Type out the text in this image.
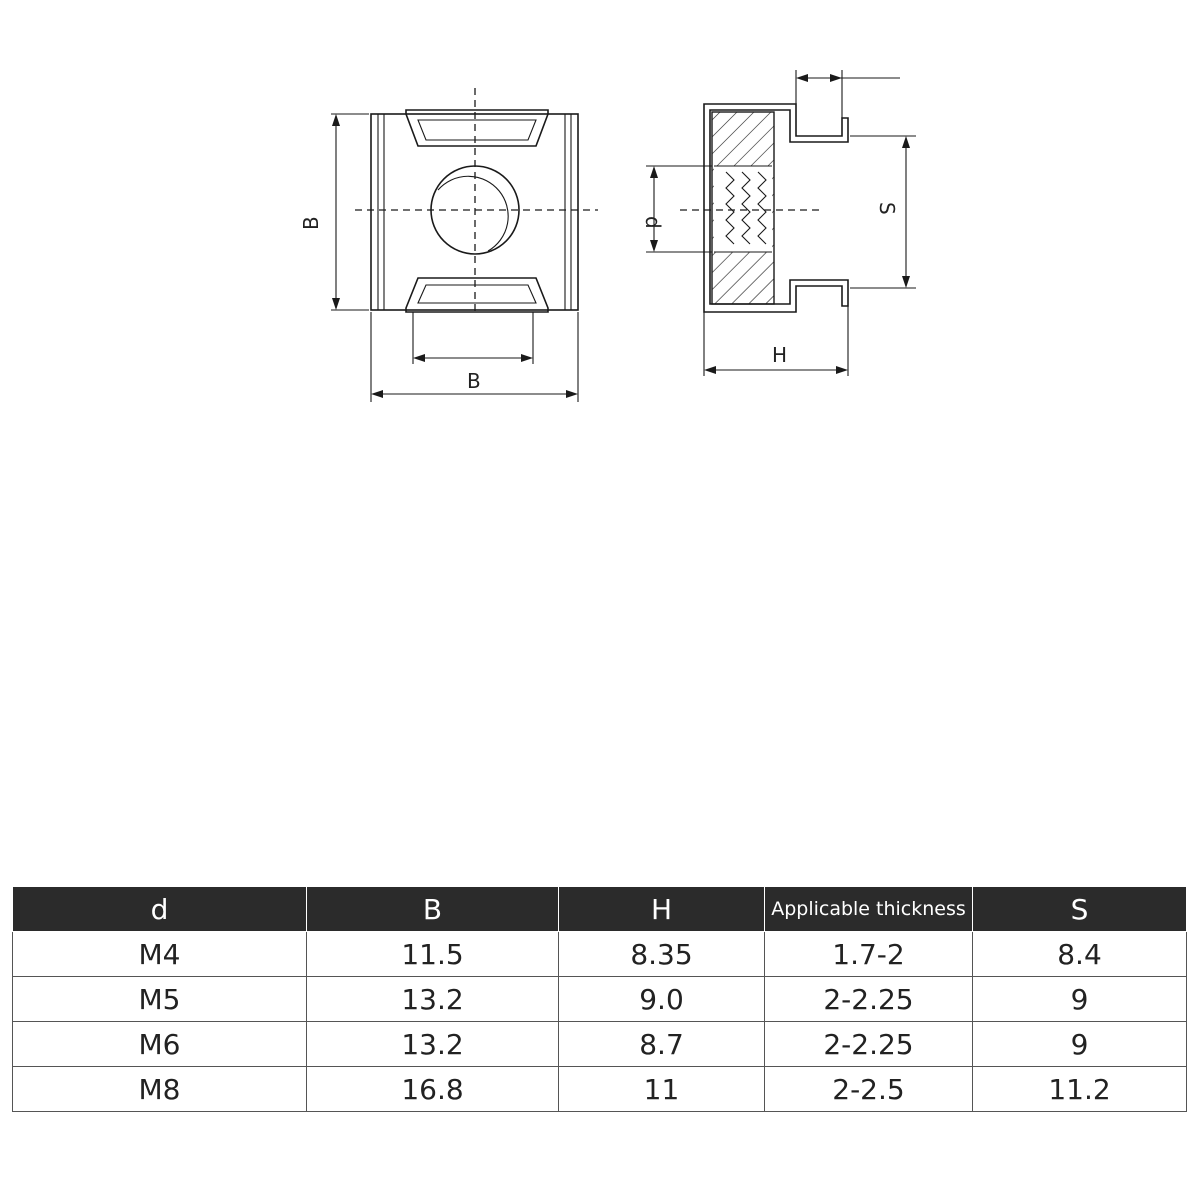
B
B
d
S
H
d	B	H	Applicable thickness	S
M4	11.5	8.35	1.7-2	8.4
M5	13.2	9.0	2-2.25	9
M6	13.2	8.7	2-2.25	9
M8	16.8	11	2-2.5	11.2
